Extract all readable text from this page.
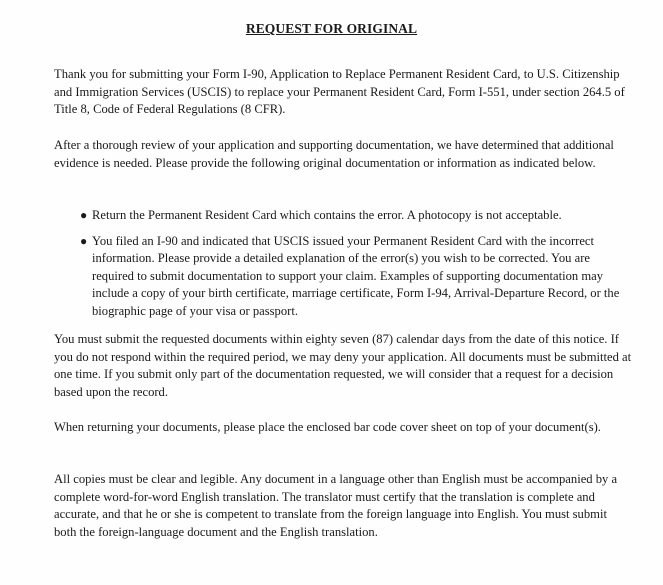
REQUEST FOR ORIGINAL

Thank you for submitting your Form I-90, Application to Replace Permanent Resident Card, to U.S. Citizenship and Immigration Services (USCIS) to replace your Permanent Resident Card, Form I-551, under section 264.5 of Title 8, Code of Federal Regulations (8 CFR).

After a thorough review of your application and supporting documentation, we have determined that additional evidence is needed. Please provide the following original documentation or information as indicated below.

● Return the Permanent Resident Card which contains the error. A photocopy is not acceptable.
● You filed an I-90 and indicated that USCIS issued your Permanent Resident Card with the incorrect information. Please provide a detailed explanation of the error(s) you wish to be corrected. You are required to submit documentation to support your claim. Examples of supporting documentation may include a copy of your birth certificate, marriage certificate, Form I-94, Arrival-Departure Record, or the biographic page of your visa or passport.

You must submit the requested documents within eighty seven (87) calendar days from the date of this notice. If you do not respond within the required period, we may deny your application. All documents must be submitted at one time. If you submit only part of the documentation requested, we will consider that a request for a decision based upon the record.

When returning your documents, please place the enclosed bar code cover sheet on top of your document(s).

All copies must be clear and legible. Any document in a language other than English must be accompanied by a complete word-for-word English translation. The translator must certify that the translation is complete and accurate, and that he or she is competent to translate from the foreign language into English. You must submit both the foreign-language document and the English translation.
